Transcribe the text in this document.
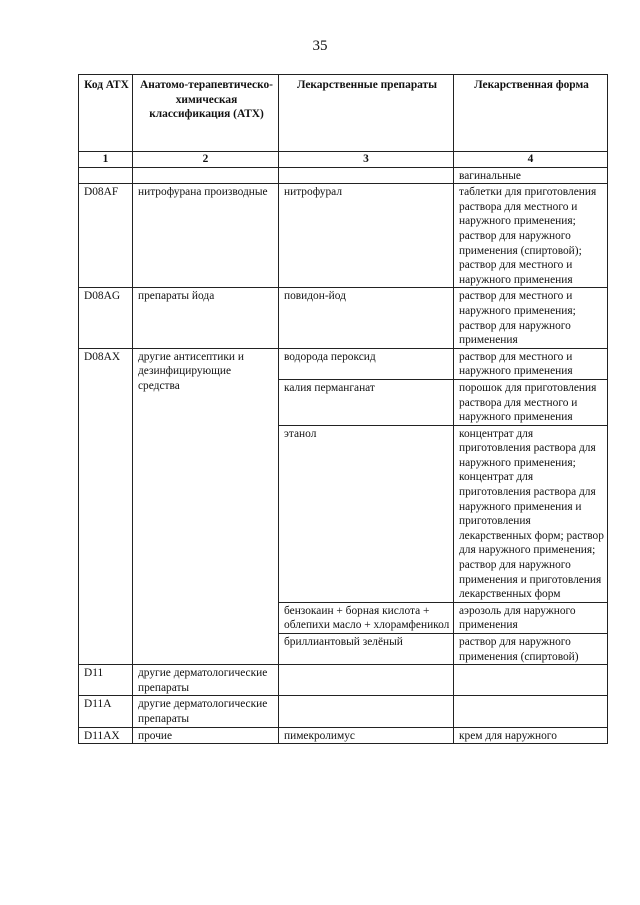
35
Код АТХ	Анатомо-терапевтическо-химическая классификация (АТХ)	Лекарственные препараты	Лекарственная форма
1	2	3	4
			вагинальные
D08AF	нитрофурана производные	нитрофурал	таблетки для приготовления раствора для местного и наружного применения; раствор для наружного применения (спиртовой); раствор для местного и наружного применения
D08AG	препараты йода	повидон-йод	раствор для местного и наружного применения; раствор для наружного применения
D08AX	другие антисептики и дезинфицирующие средства	водорода пероксид	раствор для местного и наружного применения
		калия перманганат	порошок для приготовления раствора для местного и наружного применения
		этанол	концентрат для приготовления раствора для наружного применения; концентрат для приготовления раствора для наружного применения и приготовления лекарственных форм; раствор для наружного применения; раствор для наружного применения и приготовления лекарственных форм
		бензокаин + борная кислота + облепихи масло + хлорамфеникол	аэрозоль для наружного применения
		бриллиантовый зелёный	раствор для наружного применения (спиртовой)
D11	другие дерматологические препараты		
D11A	другие дерматологические препараты		
D11AX	прочие	пимекролимус	крем для наружного
